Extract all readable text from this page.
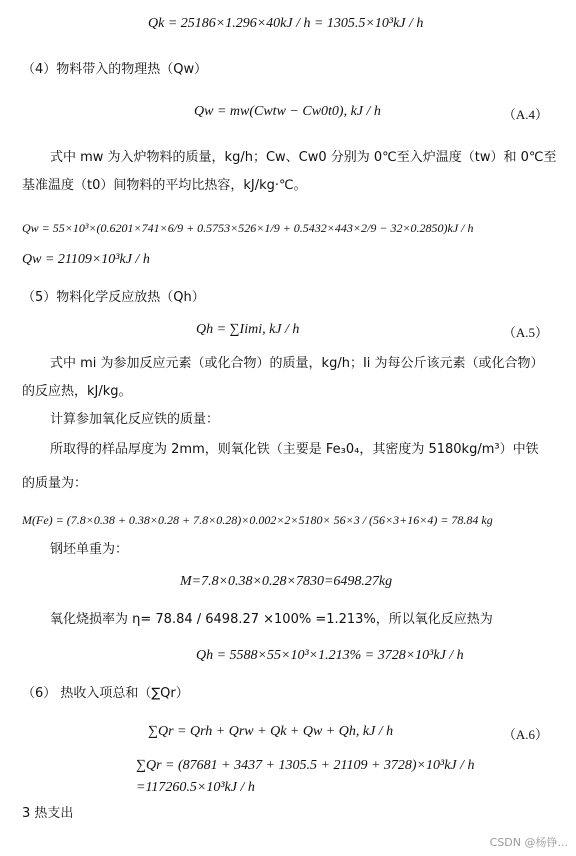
Qk = 25186×1.296×40kJ / h = 1305.5×10³kJ / h
（4）物料带入的物理热（Qw）
Qw = mw(Cwtw − Cw0t0), kJ / h	（A.4）
式中 mw 为入炉物料的质量，kg/h；Cw、Cw0 分别为 0℃至入炉温度（tw）和 0℃至
基准温度（t0）间物料的平均比热容，kJ/kg·℃。
Qw = 55×10³×(0.6201×741×6/9 + 0.5753×526×1/9 + 0.5432×443×2/9 − 32×0.2850)kJ / h
Qw = 21109×10³kJ / h
（5）物料化学反应放热（Qh）
Qh = ∑Iimi, kJ / h	（A.5）
式中 mi 为参加反应元素（或化合物）的质量，kg/h；Ii 为每公斤该元素（或化合物）
的反应热，kJ/kg。
计算参加氧化反应铁的质量：
所取得的样品厚度为 2mm，则氧化铁（主要是 Fe₃0₄，其密度为 5180kg/m³）中铁
的质量为：
M(Fe) = (7.8×0.38 + 0.38×0.28 + 7.8×0.28)×0.002×2×5180× 56×3 / (56×3+16×4) = 78.84 kg
钢坯单重为：
M=7.8×0.38×0.28×7830=6498.27kg
氧化烧损率为 η= 78.84 / 6498.27 ×100% =1.213%，所以氧化反应热为
Qh = 5588×55×10³×1.213% = 3728×10³kJ / h
（6） 热收入项总和（∑Qr）
∑Qr = Qrh + Qrw + Qk + Qw + Qh, kJ / h	（A.6）
∑Qr = (87681 + 3437 + 1305.5 + 21109 + 3728)×10³kJ / h
=117260.5×10³kJ / h
3 热支出
CSDN @杨铮...
